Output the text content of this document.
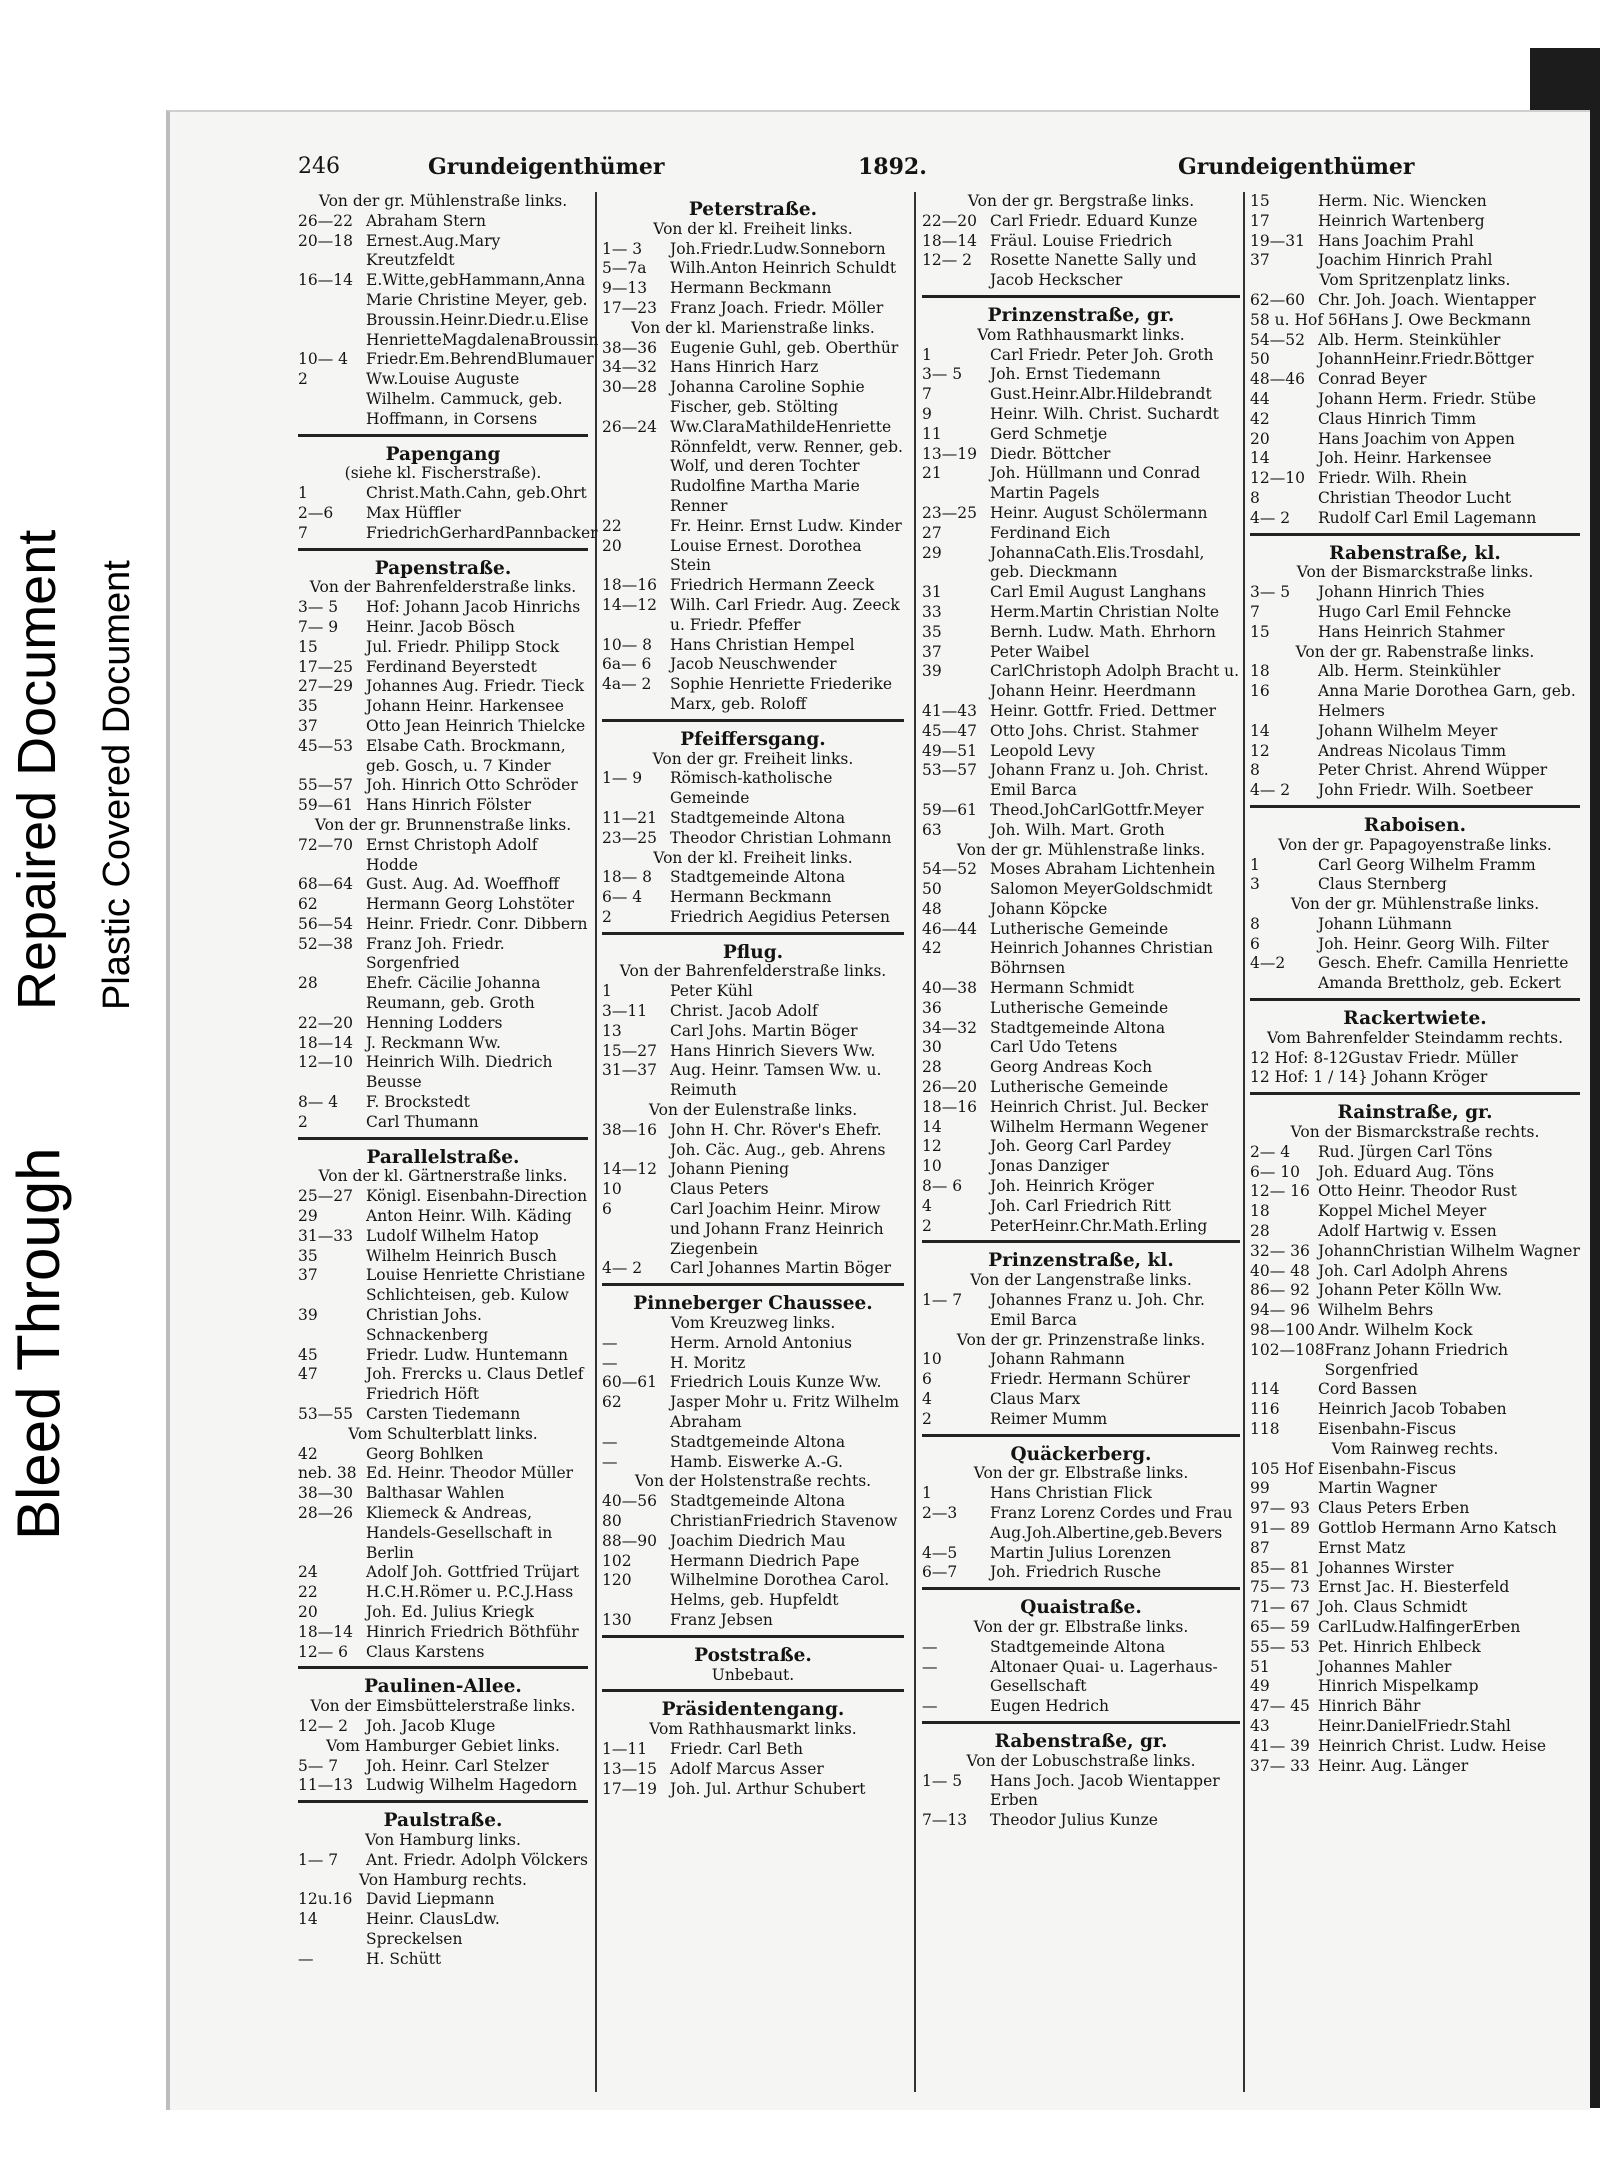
Bleed Through
Repaired Document Plastic Covered Document
246	Grundeigenthümer	1892.	Grundeigenthümer
Von der gr. Mühlenstraße links.
26—22 Abraham Stern
20—18 Ernest.Aug.Mary Kreutzfeldt
16—14 E.Witte,gebHammann,Anna Marie Christine Meyer, geb. Broussin.Heinr.Diedr.u.Elise HenrietteMagdalenaBroussin
10— 4	Friedr.Em.BehrendBlumauer
2	Ww.Louise Auguste Wilhelm. Cammuck, geb. Hoffmann, in Corsens
Papengang
(siehe kl. Fischerstraße).
1	Christ.Math.Cahn, geb.Ohrt
2—6	Max Hüffler
7	FriedrichGerhardPannbacker
Papenstraße.
Von der Bahrenfelderstraße links.
3— 5	Hof: Johann Jacob Hinrichs
7— 9	Heinr. Jacob Bösch
15	Jul. Friedr. Philipp Stock
17—25 Ferdinand Beyerstedt
27—29 Johannes Aug. Friedr. Tieck
35	Johann Heinr. Harkensee
37	Otto Jean Heinrich Thielcke
45—53 Elsabe Cath. Brockmann, geb. Gosch, u. 7 Kinder
55—57 Joh. Hinrich Otto Schröder
59—61 Hans Hinrich Fölster
Von der gr. Brunnenstraße links.
72—70 Ernst Christoph Adolf Hodde
68—64 Gust. Aug. Ad. Woeffhoff
62	Hermann Georg Lohstöter
56—54 Heinr. Friedr. Conr. Dibbern
52—38 Franz Joh. Friedr. Sorgenfried
28	Ehefr. Cäcilie Johanna Reumann, geb. Groth
22—20 Henning Lodders
18—14 J. Reckmann Ww.
12—10 Heinrich Wilh. Diedrich Beusse
8— 4	F. Brockstedt
2	Carl Thumann
Parallelstraße.
Von der kl. Gärtnerstraße links.
25—27 Königl. Eisenbahn-Direction
29	Anton Heinr. Wilh. Käding
31—33 Ludolf Wilhelm Hatop
35	Wilhelm Heinrich Busch
37	Louise Henriette Christiane Schlichteisen, geb. Kulow
39	Christian Johs. Schnackenberg
45	Friedr. Ludw. Huntemann
47	Joh. Frercks u. Claus Detlef Friedrich Höft
53—55 Carsten Tiedemann
Vom Schulterblatt links.
42	Georg Bohlken
neb. 38 Ed. Heinr. Theodor Müller
38—30 Balthasar Wahlen
28—26 Kliemeck & Andreas, Handels-Gesellschaft in Berlin
24	Adolf Joh. Gottfried Trüjart
22	H.C.H.Römer u. P.C.J.Hass
20	Joh. Ed. Julius Kriegk
18—14 Hinrich Friedrich Böthführ
12— 6	Claus Karstens
Paulinen-Allee.
Von der Eimsbüttelerstraße links.
12— 2	Joh. Jacob Kluge
Vom Hamburger Gebiet links.
5— 7	Joh. Heinr. Carl Stelzer
11—13 Ludwig Wilhelm Hagedorn
Paulstraße.
Von Hamburg links.
1— 7	Ant. Friedr. Adolph Völckers
Von Hamburg rechts.
12u.16 David Liepmann
14	Heinr. ClausLdw. Spreckelsen
—	H. Schütt
Peterstraße.
Von der kl. Freiheit links.
1— 3	Joh.Friedr.Ludw.Sonneborn
5—7a	Wilh.Anton Heinrich Schuldt
9—13	Hermann Beckmann
17—23 Franz Joach. Friedr. Möller
Von der kl. Marienstraße links.
38—36 Eugenie Guhl, geb. Oberthür
34—32 Hans Hinrich Harz
30—28 Johanna Caroline Sophie Fischer, geb. Stölting
26—24 Ww.ClaraMathildeHenriette Rönnfeldt, verw. Renner, geb. Wolf, und deren Tochter Rudolfine Martha Marie Renner
22	Fr. Heinr. Ernst Ludw. Kinder
20	Louise Ernest. Dorothea Stein
18—16 Friedrich Hermann Zeeck
14—12 Wilh. Carl Friedr. Aug. Zeeck u. Friedr. Pfeffer
10— 8	Hans Christian Hempel
6a— 6	Jacob Neuschwender
4a— 2	Sophie Henriette Friederike Marx, geb. Roloff
Pfeiffersgang.
Von der gr. Freiheit links.
1— 9	Römisch-katholische Gemeinde
11—21 Stadtgemeinde Altona
23—25 Theodor Christian Lohmann
Von der kl. Freiheit links.
18— 8	Stadtgemeinde Altona
6— 4	Hermann Beckmann
2	Friedrich Aegidius Petersen
Pflug.
Von der Bahrenfelderstraße links.
1	Peter Kühl
3—11	Christ. Jacob Adolf
13	Carl Johs. Martin Böger
15—27 Hans Hinrich Sievers Ww.
31—37 Aug. Heinr. Tamsen Ww. u. Reimuth
Von der Eulenstraße links.
38—16 John H. Chr. Röver's Ehefr. Joh. Cäc. Aug., geb. Ahrens
14—12 Johann Piening
10	Claus Peters
6	Carl Joachim Heinr. Mirow und Johann Franz Heinrich Ziegenbein
4— 2	Carl Johannes Martin Böger
Pinneberger Chaussee.
Vom Kreuzweg links.
—	Herm. Arnold Antonius
—	H. Moritz
60—61 Friedrich Louis Kunze Ww.
62	Jasper Mohr u. Fritz Wilhelm Abraham
—	Stadtgemeinde Altona
—	Hamb. Eiswerke A.-G.
Von der Holstenstraße rechts.
40—56 Stadtgemeinde Altona
80	ChristianFriedrich Stavenow
88—90 Joachim Diedrich Mau
102	Hermann Diedrich Pape
120	Wilhelmine Dorothea Carol. Helms, geb. Hupfeldt
130	Franz Jebsen
Poststraße.
Unbebaut.
Präsidentengang.
Vom Rathhausmarkt links.
1—11	Friedr. Carl Beth
13—15 Adolf Marcus Asser
17—19 Joh. Jul. Arthur Schubert
Von der gr. Bergstraße links.
22—20 Carl Friedr. Eduard Kunze
18—14 Fräul. Louise Friedrich
12— 2	Rosette Nanette Sally und Jacob Heckscher
Prinzenstraße, gr.
Vom Rathhausmarkt links.
1	Carl Friedr. Peter Joh. Groth
3— 5	Joh. Ernst Tiedemann
7	Gust.Heinr.Albr.Hildebrandt
9	Heinr. Wilh. Christ. Suchardt
11	Gerd Schmetje
13—19 Diedr. Böttcher
21	Joh. Hüllmann und Conrad Martin Pagels
23—25 Heinr. August Schölermann
27	Ferdinand Eich
29	JohannaCath.Elis.Trosdahl, geb. Dieckmann
31	Carl Emil August Langhans
33	Herm.Martin Christian Nolte
35	Bernh. Ludw. Math. Ehrhorn
37	Peter Waibel
39	CarlChristoph Adolph Bracht u. Johann Heinr. Heerdmann
41—43 Heinr. Gottfr. Fried. Dettmer
45—47 Otto Johs. Christ. Stahmer
49—51 Leopold Levy
53—57 Johann Franz u. Joh. Christ. Emil Barca
59—61 Theod.JohCarlGottfr.Meyer
63	Joh. Wilh. Mart. Groth
Von der gr. Mühlenstraße links.
54—52 Moses Abraham Lichtenhein
50	Salomon MeyerGoldschmidt
48	Johann Köpcke
46—44 Lutherische Gemeinde
42	Heinrich Johannes Christian Böhrnsen
40—38 Hermann Schmidt
36	Lutherische Gemeinde
34—32 Stadtgemeinde Altona
30	Carl Udo Tetens
28	Georg Andreas Koch
26—20 Lutherische Gemeinde
18—16 Heinrich Christ. Jul. Becker
14	Wilhelm Hermann Wegener
12	Joh. Georg Carl Pardey
10	Jonas Danziger
8— 6	Joh. Heinrich Kröger
4	Joh. Carl Friedrich Ritt
2	PeterHeinr.Chr.Math.Erling
Prinzenstraße, kl.
Von der Langenstraße links.
1— 7	Johannes Franz u. Joh. Chr. Emil Barca
Von der gr. Prinzenstraße links.
10	Johann Rahmann
6	Friedr. Hermann Schürer
4	Claus Marx
2	Reimer Mumm
Quäckerberg.
Von der gr. Elbstraße links.
1	Hans Christian Flick
2—3	Franz Lorenz Cordes und Frau Aug.Joh.Albertine,geb.Bevers
4—5	Martin Julius Lorenzen
6—7	Joh. Friedrich Rusche
Quaistraße.
Von der gr. Elbstraße links.
—	Stadtgemeinde Altona
—	Altonaer Quai- u. Lagerhaus-Gesellschaft
—	Eugen Hedrich
Rabenstraße, gr.
Von der Lobuschstraße links.
1— 5	Hans Joch. Jacob Wientapper Erben
7—13	Theodor Julius Kunze
15	Herm. Nic. Wiencken
17	Heinrich Wartenberg
19—31 Hans Joachim Prahl
37	Joachim Hinrich Prahl
Vom Spritzenplatz links.
62—60 Chr. Joh. Joach. Wientapper
58 u. Hof 56 Hans J. Owe Beckmann
54—52 Alb. Herm. Steinkühler
50	JohannHeinr.Friedr.Böttger
48—46 Conrad Beyer
44	Johann Herm. Friedr. Stübe
42	Claus Hinrich Timm
20	Hans Joachim von Appen
14	Joh. Heinr. Harkensee
12—10 Friedr. Wilh. Rhein
8	Christian Theodor Lucht
4— 2	Rudolf Carl Emil Lagemann
Rabenstraße, kl.
Von der Bismarckstraße links.
3— 5	Johann Hinrich Thies
7	Hugo Carl Emil Fehncke
15	Hans Heinrich Stahmer
Von der gr. Rabenstraße links.
18	Alb. Herm. Steinkühler
16	Anna Marie Dorothea Garn, geb. Helmers
14	Johann Wilhelm Meyer
12	Andreas Nicolaus Timm
8	Peter Christ. Ahrend Wüpper
4— 2	John Friedr. Wilh. Soetbeer
Raboisen.
Von der gr. Papagoyenstraße links.
1	Carl Georg Wilhelm Framm
3	Claus Sternberg
Von der gr. Mühlenstraße links.
8	Johann Lühmann
6	Joh. Heinr. Georg Wilh. Filter
4—2	Gesch. Ehefr. Camilla Henriette Amanda Brettholz, geb. Eckert
Rackertwiete.
Vom Bahrenfelder Steindamm rechts.
12 Hof: 8-12 Gustav Friedr. Müller
12 Hof: 1 / 14 } Johann Kröger
Rainstraße, gr.
Von der Bismarckstraße rechts.
2— 4	Rud. Jürgen Carl Töns
6— 10	Joh. Eduard Aug. Töns
12— 16 Otto Heinr. Theodor Rust
18	Koppel Michel Meyer
28	Adolf Hartwig v. Essen
32— 36 JohannChristian Wilhelm Wagner
40— 48 Joh. Carl Adolph Ahrens
86— 92 Johann Peter Kölln Ww.
94— 96 Wilhelm Behrs
98—100 Andr. Wilhelm Kock
102—108 Franz Johann Friedrich Sorgenfried
114	Cord Bassen
116	Heinrich Jacob Tobaben
118	Eisenbahn-Fiscus
Vom Rainweg rechts.
105 Hof Eisenbahn-Fiscus
99	Martin Wagner
97— 93 Claus Peters Erben
91— 89 Gottlob Hermann Arno Katsch
87	Ernst Matz
85— 81 Johannes Wirster
75— 73 Ernst Jac. H. Biesterfeld
71— 67 Joh. Claus Schmidt
65— 59 CarlLudw.HalfingerErben
55— 53 Pet. Hinrich Ehlbeck
51	Johannes Mahler
49	Hinrich Mispelkamp
47— 45 Hinrich Bähr
43	Heinr.DanielFriedr.Stahl
41— 39 Heinrich Christ. Ludw. Heise
37— 33 Heinr. Aug. Länger
